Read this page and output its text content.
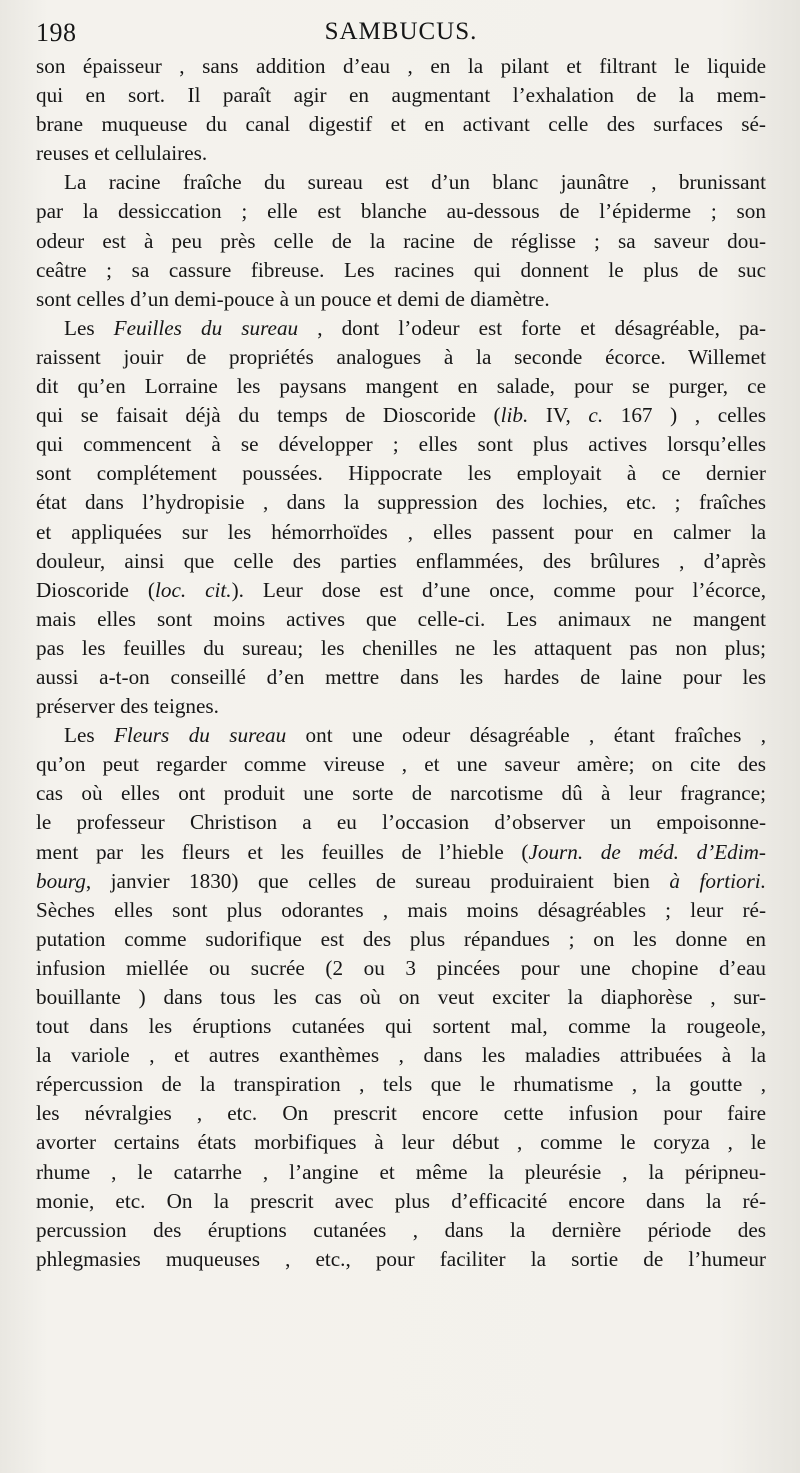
198	SAMBUCUS.
son épaisseur , sans addition d’eau , en la pilant et filtrant le liquide
qui en sort. Il paraît agir en augmentant l’exhalation de la mem-
brane muqueuse du canal digestif et en activant celle des surfaces sé-
reuses et cellulaires.
La racine fraîche du sureau est d’un blanc jaunâtre , brunissant
par la dessiccation ; elle est blanche au-dessous de l’épiderme ; son
odeur est à peu près celle de la racine de réglisse ; sa saveur dou-
ceâtre ; sa cassure fibreuse. Les racines qui donnent le plus de suc
sont celles d’un demi-pouce à un pouce et demi de diamètre.
Les Feuilles du sureau , dont l’odeur est forte et désagréable, pa-
raissent jouir de propriétés analogues à la seconde écorce. Willemet
dit qu’en Lorraine les paysans mangent en salade, pour se purger, ce
qui se faisait déjà du temps de Dioscoride (lib. IV, c. 167 ) , celles
qui commencent à se développer ; elles sont plus actives lorsqu’elles
sont complétement poussées. Hippocrate les employait à ce dernier
état dans l’hydropisie , dans la suppression des lochies, etc. ; fraîches
et appliquées sur les hémorrhoïdes , elles passent pour en calmer la
douleur, ainsi que celle des parties enflammées, des brûlures , d’après
Dioscoride (loc. cit.). Leur dose est d’une once, comme pour l’écorce,
mais elles sont moins actives que celle-ci. Les animaux ne mangent
pas les feuilles du sureau; les chenilles ne les attaquent pas non plus;
aussi a-t-on conseillé d’en mettre dans les hardes de laine pour les
préserver des teignes.
Les Fleurs du sureau ont une odeur désagréable , étant fraîches ,
qu’on peut regarder comme vireuse , et une saveur amère; on cite des
cas où elles ont produit une sorte de narcotisme dû à leur fragrance;
le professeur Christison a eu l’occasion d’observer un empoisonne-
ment par les fleurs et les feuilles de l’hieble (Journ. de méd. d’Edim-
bourg, janvier 1830) que celles de sureau produiraient bien à fortiori.
Sèches elles sont plus odorantes , mais moins désagréables ; leur ré-
putation comme sudorifique est des plus répandues ; on les donne en
infusion miellée ou sucrée (2 ou 3 pincées pour une chopine d’eau
bouillante ) dans tous les cas où on veut exciter la diaphorèse , sur-
tout dans les éruptions cutanées qui sortent mal, comme la rougeole,
la variole , et autres exanthèmes , dans les maladies attribuées à la
répercussion de la transpiration , tels que le rhumatisme , la goutte ,
les névralgies , etc. On prescrit encore cette infusion pour faire
avorter certains états morbifiques à leur début , comme le coryza , le
rhume , le catarrhe , l’angine et même la pleurésie , la péripneu-
monie, etc. On la prescrit avec plus d’efficacité encore dans la ré-
percussion des éruptions cutanées , dans la dernière période des
phlegmasies muqueuses , etc., pour faciliter la sortie de l’humeur
